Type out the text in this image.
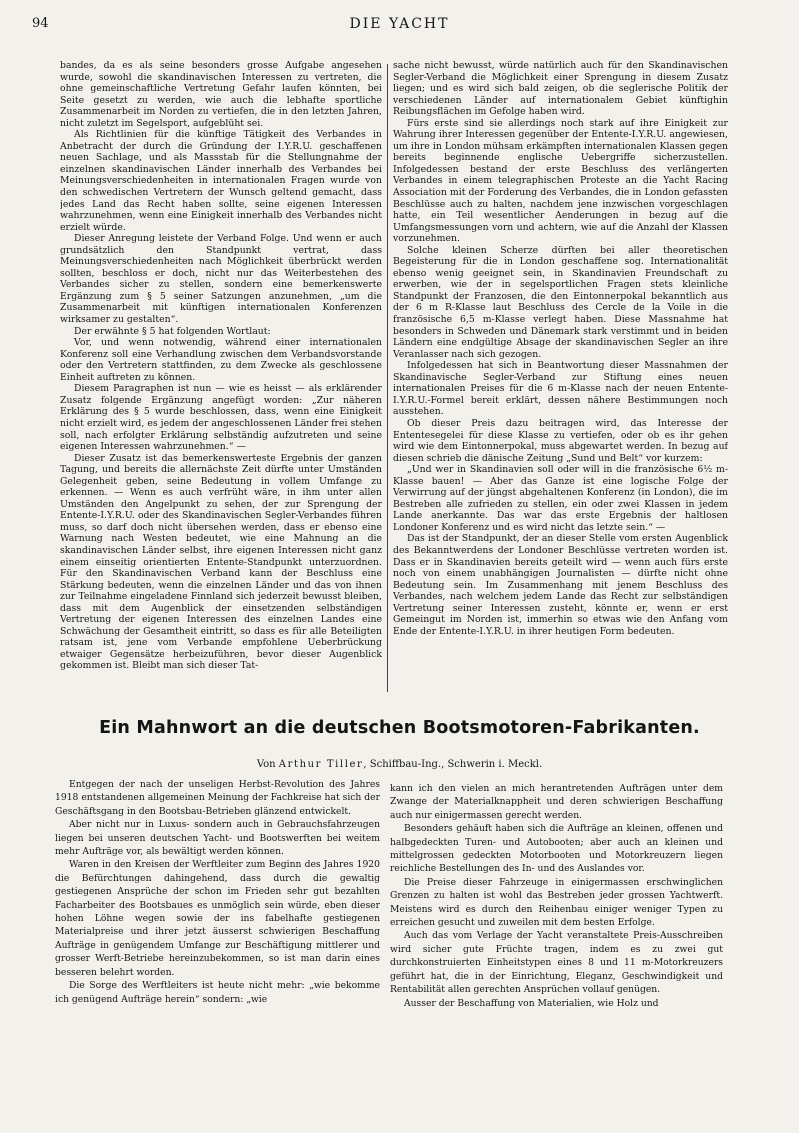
94	DIE YACHT

bandes, da es als seine besonders grosse Aufgabe angesehen wurde, sowohl die skandinavischen Interessen zu vertreten, die ohne gemeinschaftliche Vertretung Gefahr laufen könnten, bei Seite gesetzt zu werden, wie auch die lebhafte sportliche Zusammenarbeit im Norden zu vertiefen, die in den letzten Jahren, nicht zuletzt im Segelsport, aufgeblüht sei.

Als Richtlinien für die künftige Tätigkeit des Verbandes in Anbetracht der durch die Gründung der I.Y.R.U. geschaffenen neuen Sachlage, und als Massstab für die Stellungnahme der einzelnen skandinavischen Länder innerhalb des Verbandes bei Meinungsverschiedenheiten in internationalen Fragen wurde von den schwedischen Vertretern der Wunsch geltend gemacht, dass jedes Land das Recht haben sollte, seine eigenen Interessen wahrzunehmen, wenn eine Einigkeit innerhalb des Verbandes nicht erzielt würde.

Dieser Anregung leistete der Verband Folge. Und wenn er auch grundsätzlich den Standpunkt vertrat, dass Meinungsverschiedenheiten nach Möglichkeit überbrückt werden sollten, beschloss er doch, nicht nur das Weiterbestehen des Verbandes sicher zu stellen, sondern eine bemerkenswerte Ergänzung zum § 5 seiner Satzungen anzunehmen, „um die Zusammenarbeit mit künftigen internationalen Konferenzen wirksamer zu gestalten“.

Der erwähnte § 5 hat folgenden Wortlaut:

Vor, und wenn notwendig, während einer internationalen Konferenz soll eine Verhandlung zwischen dem Verbandsvorstande oder den Vertretern stattfinden, zu dem Zwecke als geschlossene Einheit auftreten zu können.

Diesem Paragraphen ist nun — wie es heisst — als erklärender Zusatz folgende Ergänzung angefügt worden: „Zur näheren Erklärung des § 5 wurde beschlossen, dass, wenn eine Einigkeit nicht erzielt wird, es jedem der angeschlossenen Länder frei stehen soll, nach erfolgter Erklärung selbständig aufzutreten und seine eigenen Interessen wahrzunehmen.“ —

Dieser Zusatz ist das bemerkenswerteste Ergebnis der ganzen Tagung, und bereits die allernächste Zeit dürfte unter Umständen Gelegenheit geben, seine Bedeutung in vollem Umfange zu erkennen. — Wenn es auch verfrüht wäre, in ihm unter allen Umständen den Angelpunkt zu sehen, der zur Sprengung der Entente-I.Y.R.U. oder des Skandinavischen Segler-Verbandes führen muss, so darf doch nicht übersehen werden, dass er ebenso eine Warnung nach Westen bedeutet, wie eine Mahnung an die skandinavischen Länder selbst, ihre eigenen Interessen nicht ganz einem einseitig orientierten Entente-Standpunkt unterzuordnen. Für den Skandinavischen Verband kann der Beschluss eine Stärkung bedeuten, wenn die einzelnen Länder und das von ihnen zur Teilnahme eingeladene Finnland sich jederzeit bewusst bleiben, dass mit dem Augenblick der einsetzenden selbständigen Vertretung der eigenen Interessen des einzelnen Landes eine Schwächung der Gesamtheit eintritt, so dass es für alle Beteiligten ratsam ist, jene vom Verbande empfohlene Ueberbrückung etwaiger Gegensätze herbeizuführen, bevor dieser Augenblick gekommen ist. Bleibt man sich dieser Tat-

sache nicht bewusst, würde natürlich auch für den Skandinavischen Segler-Verband die Möglichkeit einer Sprengung in diesem Zusatz liegen; und es wird sich bald zeigen, ob die seglerische Politik der verschiedenen Länder auf internationalem Gebiet künftighin Reibungsflächen im Gefolge haben wird.

Fürs erste sind sie allerdings noch stark auf ihre Einigkeit zur Wahrung ihrer Interessen gegenüber der Entente-I.Y.R.U. angewiesen, um ihre in London mühsam erkämpften internationalen Klassen gegen bereits beginnende englische Uebergriffe sicherzustellen. Infolgedessen bestand der erste Beschluss des verlängerten Verbandes in einem telegraphischen Proteste an die Yacht Racing Association mit der Forderung des Verbandes, die in London gefassten Beschlüsse auch zu halten, nachdem jene inzwischen vorgeschlagen hatte, ein Teil wesentlicher Aenderungen in bezug auf die Umfangsmessungen vorn und achtern, wie auf die Anzahl der Klassen vorzunehmen.

Solche kleinen Scherze dürften bei aller theoretischen Begeisterung für die in London geschaffene sog. Internationalität ebenso wenig geeignet sein, in Skandinavien Freundschaft zu erwerben, wie der in segelsportlichen Fragen stets kleinliche Standpunkt der Franzosen, die den Eintonnerpokal bekanntlich aus der 6 m R-Klasse laut Beschluss des Cercle de la Voile in die französische 6,5 m-Klasse verlegt haben. Diese Massnahme hat besonders in Schweden und Dänemark stark verstimmt und in beiden Ländern eine endgültige Absage der skandinavischen Segler an ihre Veranlasser nach sich gezogen.

Infolgedessen hat sich in Beantwortung dieser Massnahmen der Skandinavische Segler-Verband zur Stiftung eines neuen internationalen Preises für die 6 m-Klasse nach der neuen Entente-I.Y.R.U.-Formel bereit erklärt, dessen nähere Bestimmungen noch ausstehen.

Ob dieser Preis dazu beitragen wird, das Interesse der Ententesegelei für diese Klasse zu vertiefen, oder ob es ihr gehen wird wie dem Eintonnerpokal, muss abgewartet werden. In bezug auf diesen schrieb die dänische Zeitung „Sund und Belt“ vor kurzem:

„Und wer in Skandinavien soll oder will in die französische 6½ m-Klasse bauen! — Aber das Ganze ist eine logische Folge der Verwirrung auf der jüngst abgehaltenen Konferenz (in London), die im Bestreben alle zufrieden zu stellen, ein oder zwei Klassen in jedem Lande anerkannte. Das war das erste Ergebnis der haltlosen Londoner Konferenz und es wird nicht das letzte sein.“ —

Das ist der Standpunkt, der an dieser Stelle vom ersten Augenblick des Bekanntwerdens der Londoner Beschlüsse vertreten worden ist. Dass er in Skandinavien bereits geteilt wird — wenn auch fürs erste noch von einem unabhängigen Journalisten — dürfte nicht ohne Bedeutung sein. Im Zusammenhang mit jenem Beschluss des Verbandes, nach welchem jedem Lande das Recht zur selbständigen Vertretung seiner Interessen zusteht, könnte er, wenn er erst Gemeingut im Norden ist, immerhin so etwas wie den Anfang vom Ende der Entente-I.Y.R.U. in ihrer heutigen Form bedeuten.

Ein Mahnwort an die deutschen Bootsmotoren-Fabrikanten.
Von Arthur Tiller, Schiffbau-Ing., Schwerin i. Meckl.

Entgegen der nach der unseligen Herbst-Revolution des Jahres 1918 entstandenen allgemeinen Meinung der Fachkreise hat sich der Geschäftsgang in den Bootsbau-Betrieben glänzend entwickelt.

Aber nicht nur in Luxus- sondern auch in Gebrauchsfahrzeugen liegen bei unseren deutschen Yacht- und Bootswerften bei weitem mehr Aufträge vor, als bewältigt werden können.

Waren in den Kreisen der Werftleiter zum Beginn des Jahres 1920 die Befürchtungen dahingehend, dass durch die gewaltig gestiegenen Ansprüche der schon im Frieden sehr gut bezahlten Facharbeiter des Bootsbaues es unmöglich sein würde, eben dieser hohen Löhne wegen sowie der ins fabelhafte gestiegenen Materialpreise und ihrer jetzt äusserst schwierigen Beschaffung Aufträge in genügendem Umfange zur Beschäftigung mittlerer und grosser Werft-Betriebe hereinzubekommen, so ist man darin eines besseren belehrt worden.

Die Sorge des Werftleiters ist heute nicht mehr: „wie bekomme ich genügend Aufträge herein“ sondern: „wie

kann ich den vielen an mich herantretenden Aufträgen unter dem Zwange der Materialknappheit und deren schwierigen Beschaffung auch nur einigermassen gerecht werden.

Besonders gehäuft haben sich die Aufträge an kleinen, offenen und halbgedeckten Turen- und Autobooten; aber auch an kleinen und mittelgrossen gedeckten Motorbooten und Motorkreuzern liegen reichliche Bestellungen des In- und des Auslandes vor.

Die Preise dieser Fahrzeuge in einigermassen erschwinglichen Grenzen zu halten ist wohl das Bestreben jeder grossen Yachtwerft. Meistens wird es durch den Reihenbau einiger weniger Typen zu erreichen gesucht und zuweilen mit dem besten Erfolge.

Auch das vom Verlage der Yacht veranstaltete Preis-Ausschreiben wird sicher gute Früchte tragen, indem es zu zwei gut durchkonstruierten Einheitstypen eines 8 und 11 m-Motorkreuzers geführt hat, die in der Einrichtung, Eleganz, Geschwindigkeit und Rentabilität allen gerechten Ansprüchen vollauf genügen.

Ausser der Beschaffung von Materialien, wie Holz und
